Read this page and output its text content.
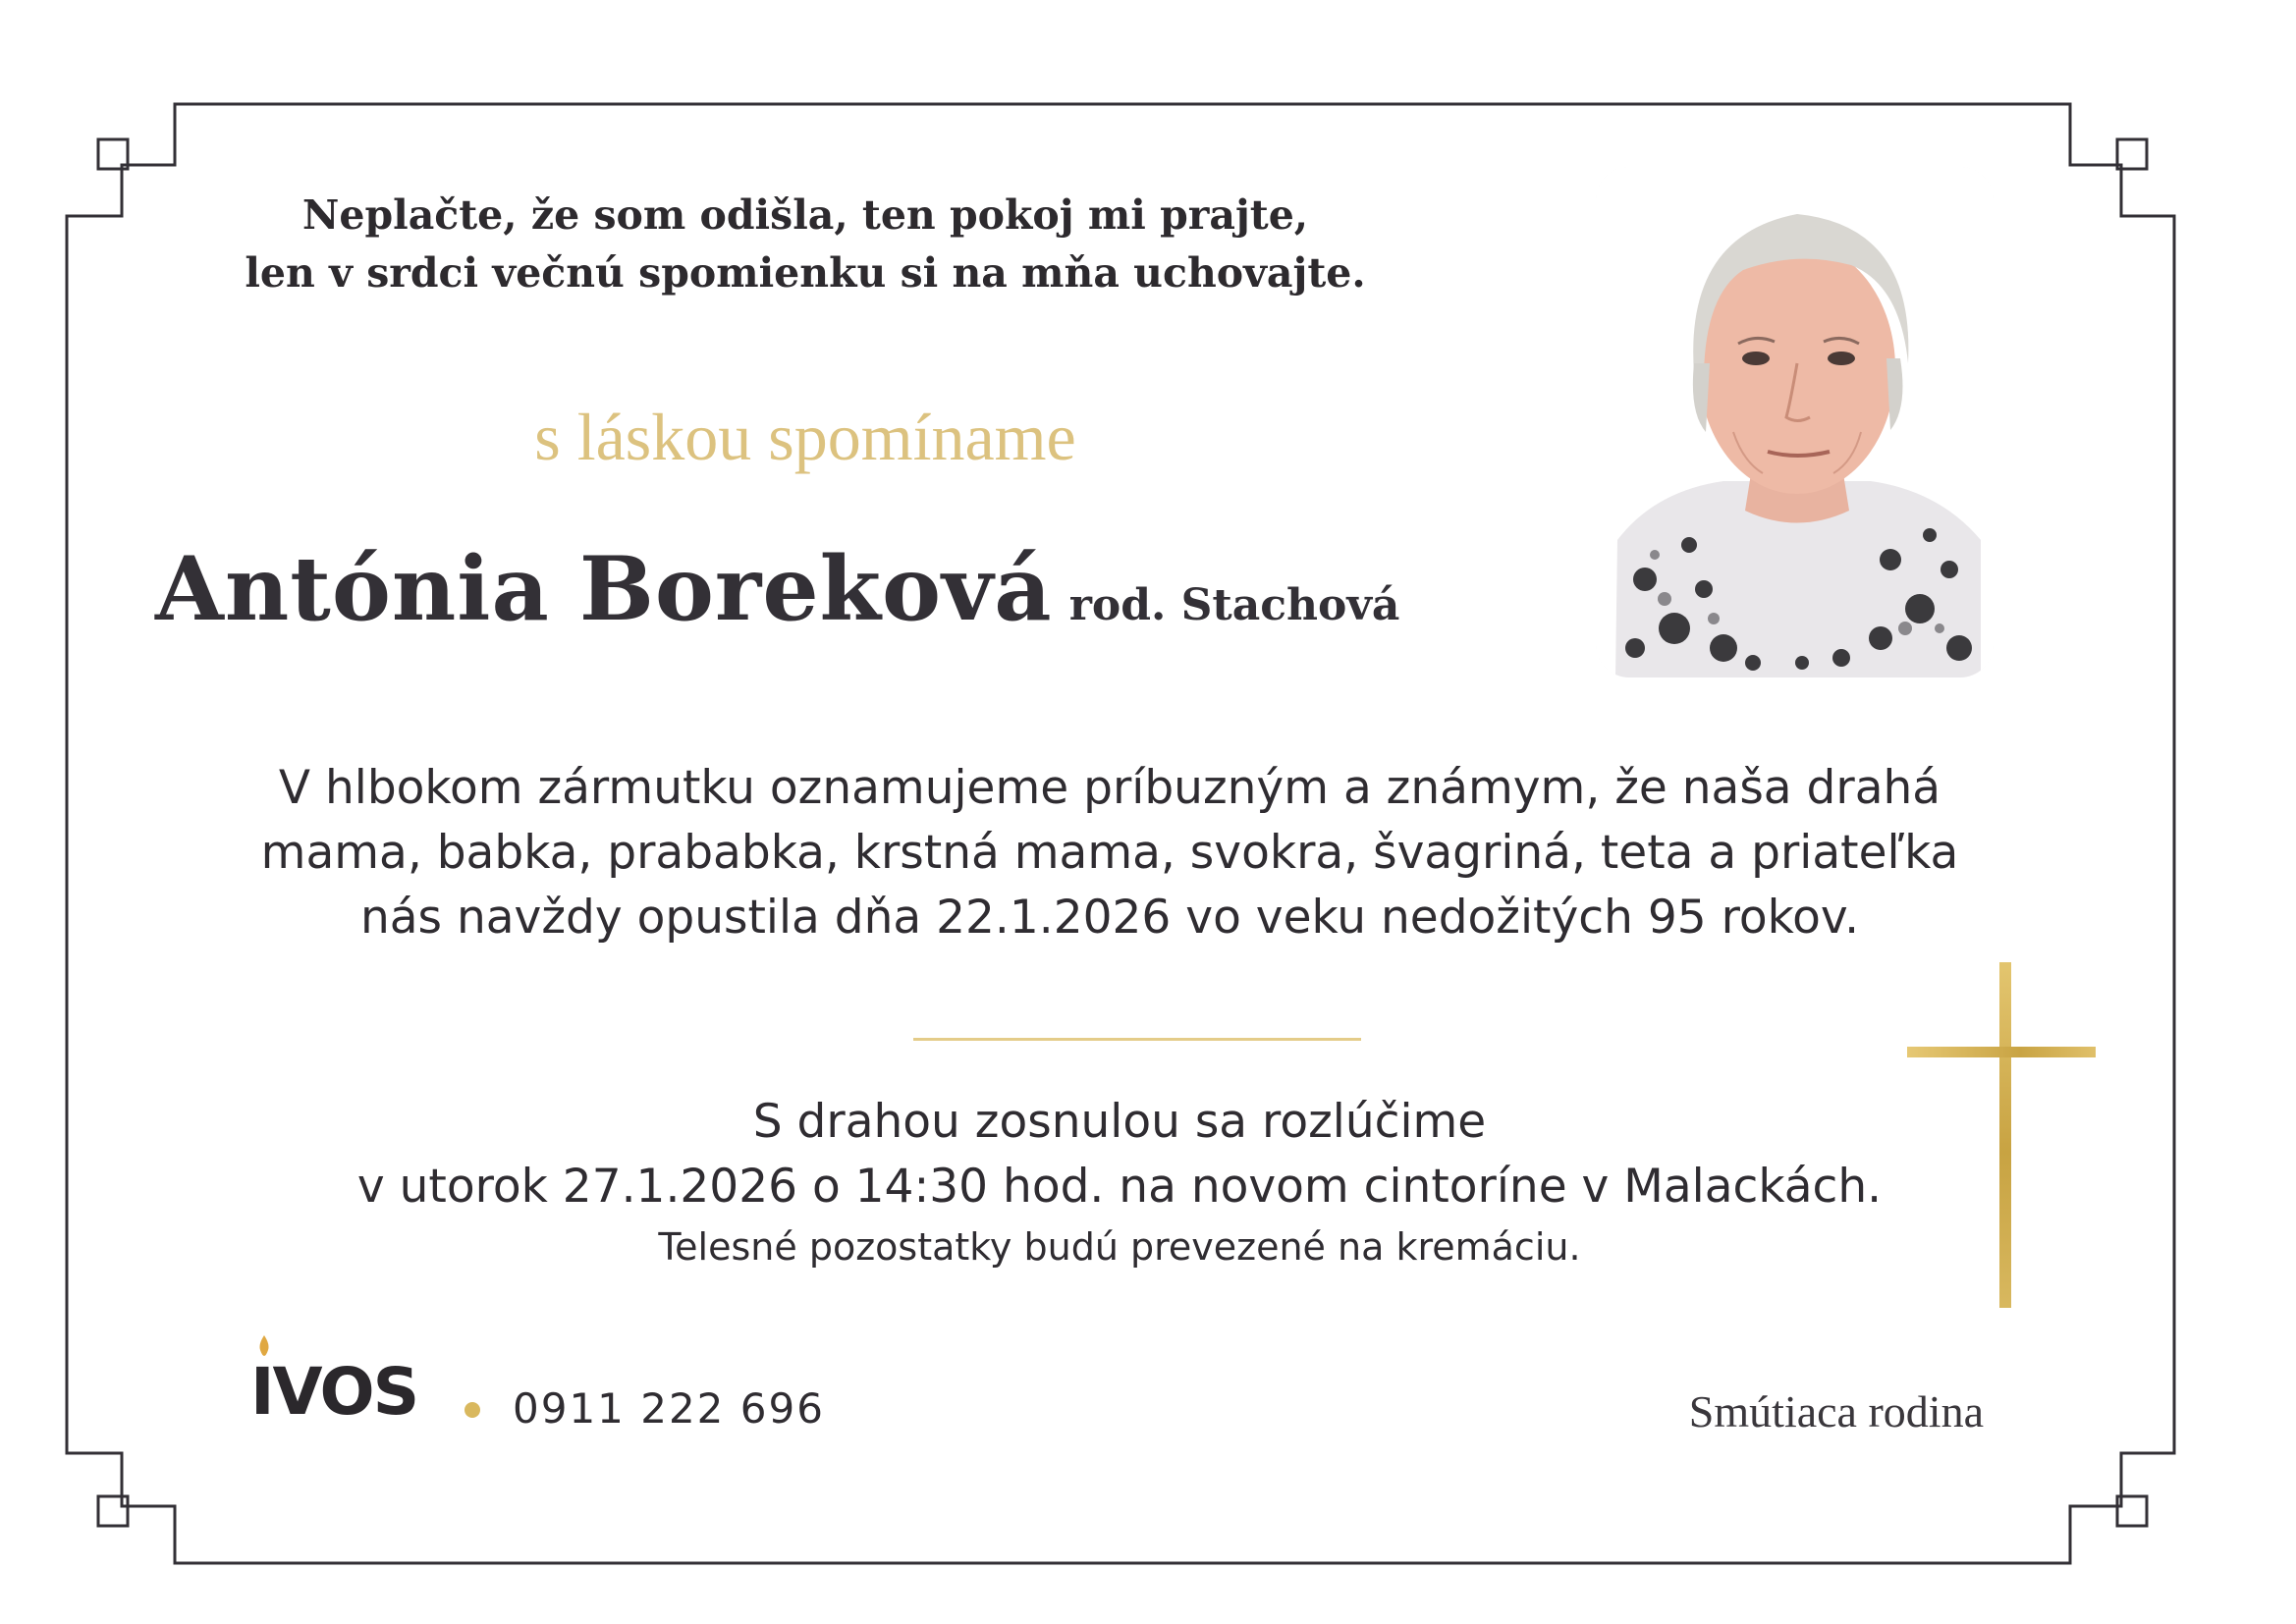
Neplačte, že som odišla, ten pokoj mi prajte,
len v srdci večnú spomienku si na mňa uchovajte.
s láskou spomíname
Antónia Boreková rod. Stachová
V hlbokom zármutku oznamujeme príbuzným a známym, že naša drahá
mama, babka, prababka, krstná mama, svokra, švagriná, teta a priateľka
nás navždy opustila dňa 22.1.2026 vo veku nedožitých 95 rokov.
S drahou zosnulou sa rozlúčime
v utorok 27.1.2026 o 14:30 hod. na novom cintoríne v Malackách.
Telesné pozostatky budú prevezené na kremáciu.
IVOS 0911 222 696	Smútiaca rodina
